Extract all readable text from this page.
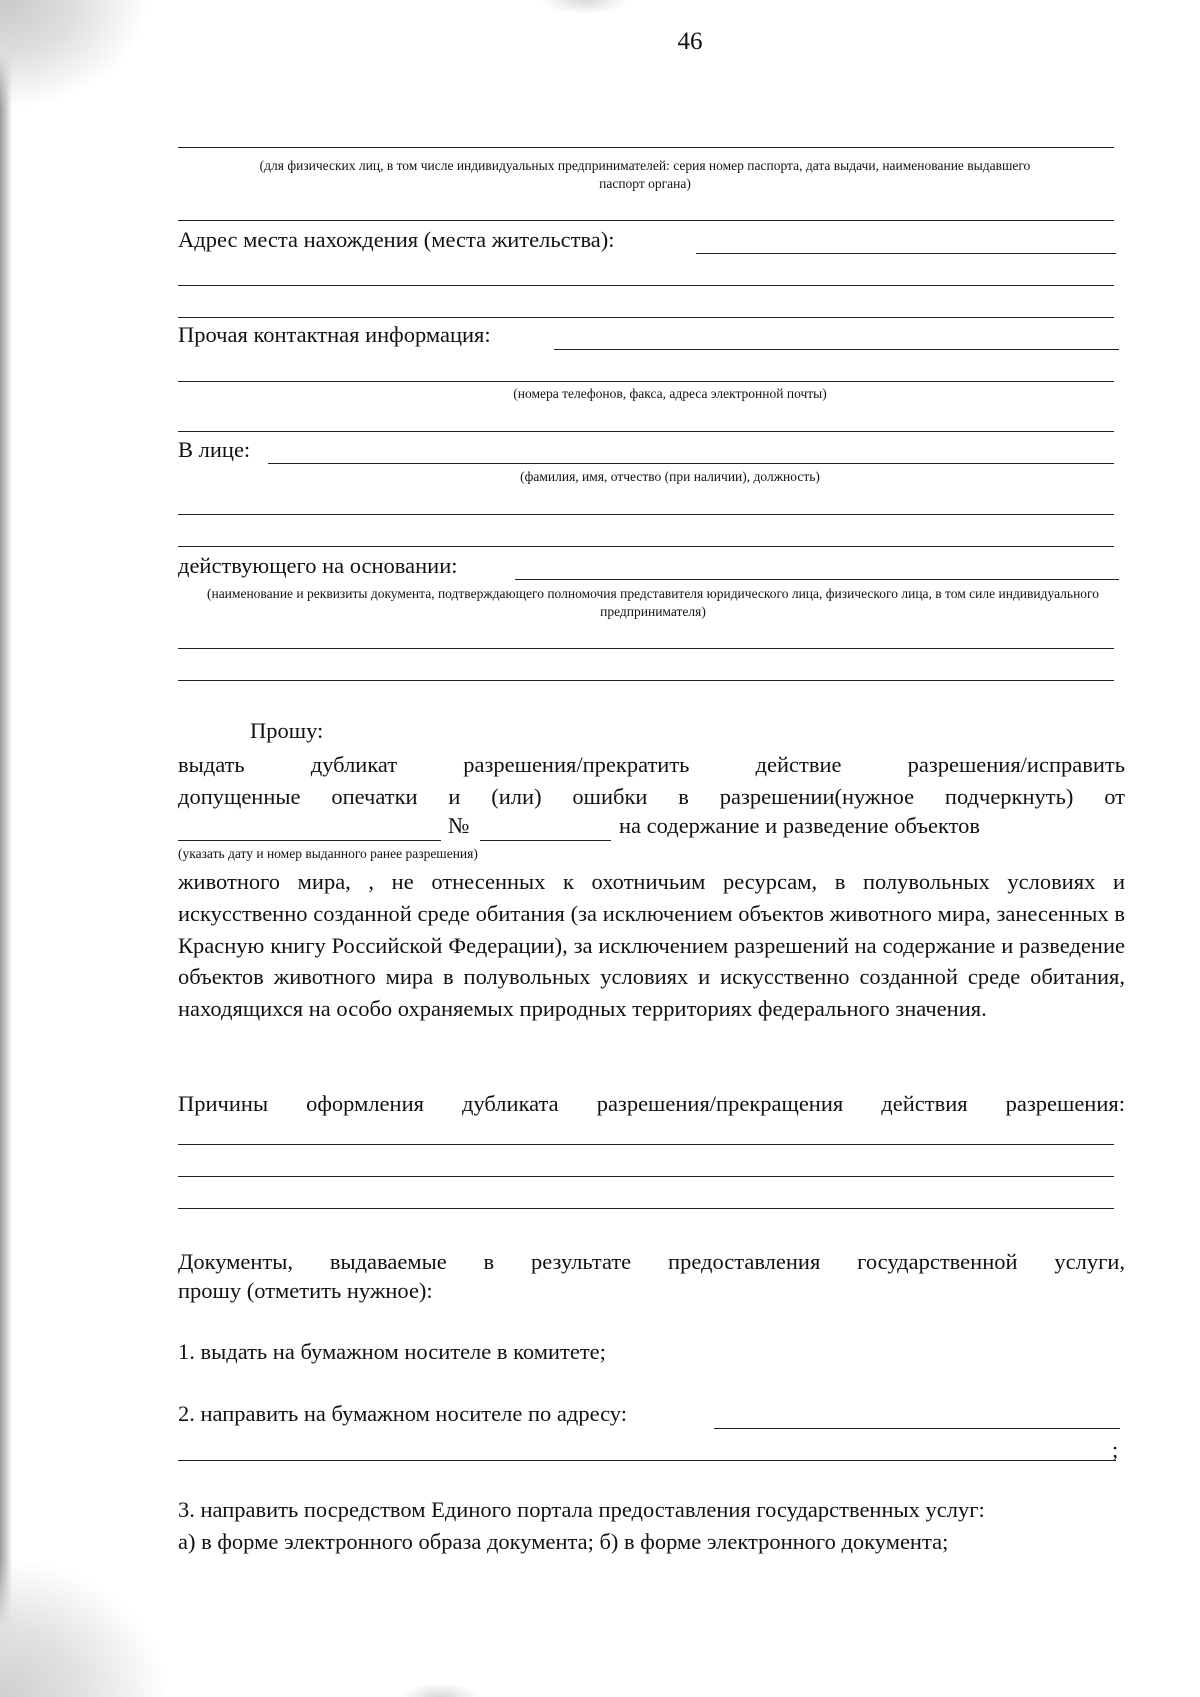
46
(для физических лиц, в том числе индивидуальных предпринимателей: серия номер паспорта, дата выдачи, наименование выдавшего паспорт органа)
Адрес места нахождения (места жительства):
Прочая контактная информация:
(номера телефонов, факса, адреса электронной почты)
В лице:
(фамилия, имя, отчество (при наличии), должность)
действующего на основании:
(наименование и реквизиты документа, подтверждающего полномочия представителя юридического лица, физического лица, в том силе индивидуального предпринимателя)
Прошу:
выдать дубликат разрешения/прекратить действие разрешения/исправить
допущенные опечатки и (или) ошибки в разрешении(нужное подчеркнуть) от
№	на содержание и разведение объектов
(указать дату и номер выданного ранее разрешения)
животного мира, , не отнесенных к охотничьим ресурсам, в полувольных условиях и искусственно созданной среде обитания (за исключением объектов животного мира, занесенных в Красную книгу Российской Федерации), за исключением разрешений на содержание и разведение объектов животного мира в полувольных условиях и искусственно созданной среде обитания, находящихся на особо охраняемых природных территориях федерального значения.
Причины оформления дубликата разрешения/прекращения действия разрешения:
Документы, выдаваемые в результате предоставления государственной услуги,
прошу (отметить нужное):
1. выдать на бумажном носителе в комитете;
2. направить на бумажном носителе по адресу:
;
3. направить посредством Единого портала предоставления государственных услуг:
а) в форме электронного образа документа; б) в форме электронного документа;
